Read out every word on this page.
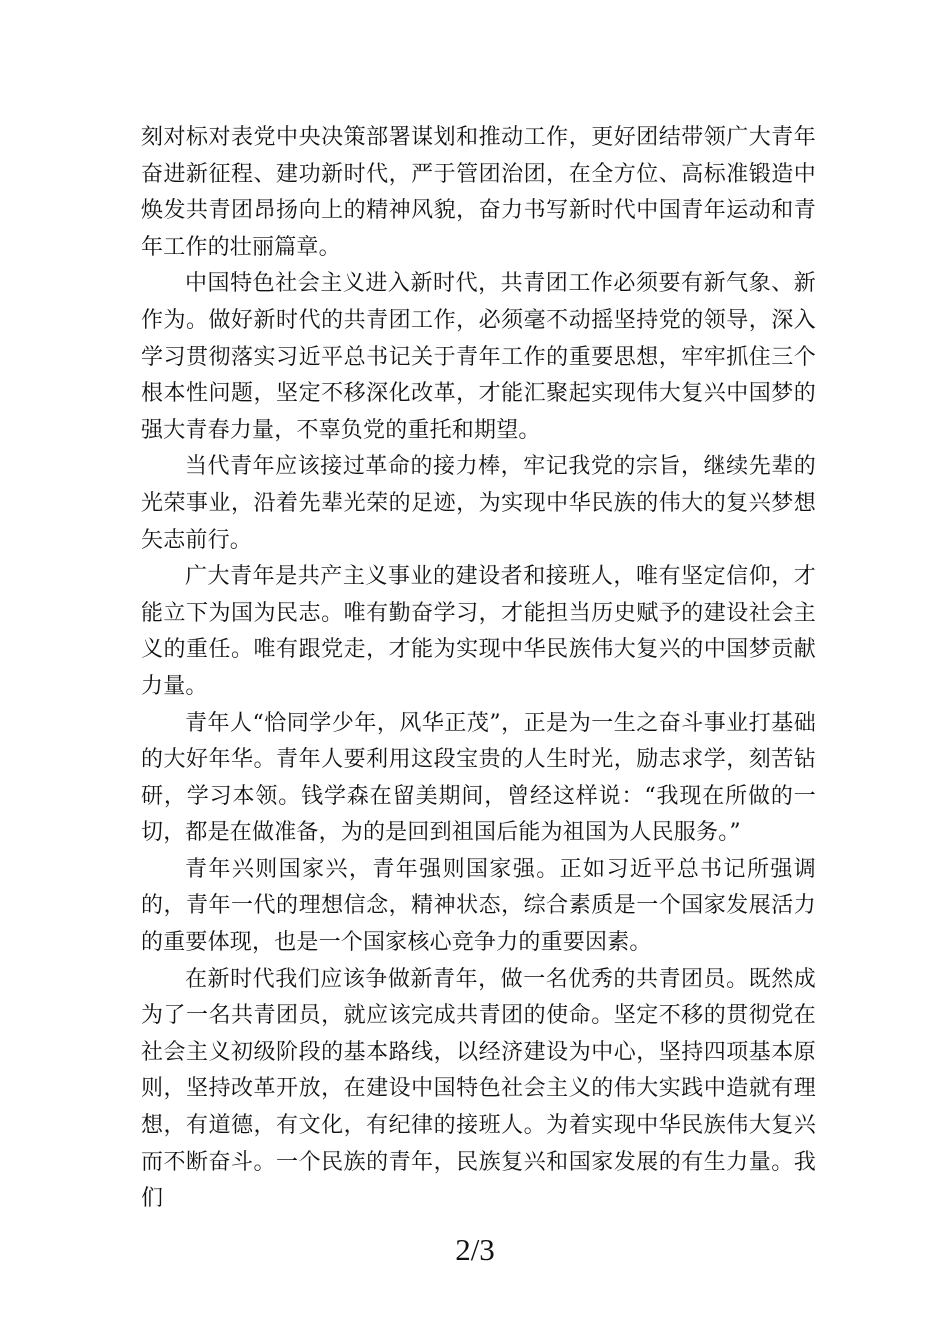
刻对标对表党中央决策部署谋划和推动工作，更好团结带领广大青年奋进新征程、建功新时代，严于管团治团，在全方位、高标准锻造中焕发共青团昂扬向上的精神风貌，奋力书写新时代中国青年运动和青年工作的壮丽篇章。

中国特色社会主义进入新时代，共青团工作必须要有新气象、新作为。做好新时代的共青团工作，必须毫不动摇坚持党的领导，深入学习贯彻落实习近平总书记关于青年工作的重要思想，牢牢抓住三个根本性问题，坚定不移深化改革，才能汇聚起实现伟大复兴中国梦的强大青春力量，不辜负党的重托和期望。

当代青年应该接过革命的接力棒，牢记我党的宗旨，继续先辈的光荣事业，沿着先辈光荣的足迹，为实现中华民族的伟大的复兴梦想矢志前行。

广大青年是共产主义事业的建设者和接班人，唯有坚定信仰，才能立下为国为民志。唯有勤奋学习，才能担当历史赋予的建设社会主义的重任。唯有跟党走，才能为实现中华民族伟大复兴的中国梦贡献力量。

青年人“恰同学少年，风华正茂”，正是为一生之奋斗事业打基础的大好年华。青年人要利用这段宝贵的人生时光，励志求学，刻苦钻研，学习本领。钱学森在留美期间，曾经这样说：“我现在所做的一切，都是在做准备，为的是回到祖国后能为祖国为人民服务。”

青年兴则国家兴，青年强则国家强。正如习近平总书记所强调的，青年一代的理想信念，精神状态，综合素质是一个国家发展活力的重要体现，也是一个国家核心竞争力的重要因素。

在新时代我们应该争做新青年，做一名优秀的共青团员。既然成为了一名共青团员，就应该完成共青团的使命。坚定不移的贯彻党在社会主义初级阶段的基本路线，以经济建设为中心，坚持四项基本原则，坚持改革开放，在建设中国特色社会主义的伟大实践中造就有理想，有道德，有文化，有纪律的接班人。为着实现中华民族伟大复兴而不断奋斗。一个民族的青年，民族复兴和国家发展的有生力量。我们

2/3
